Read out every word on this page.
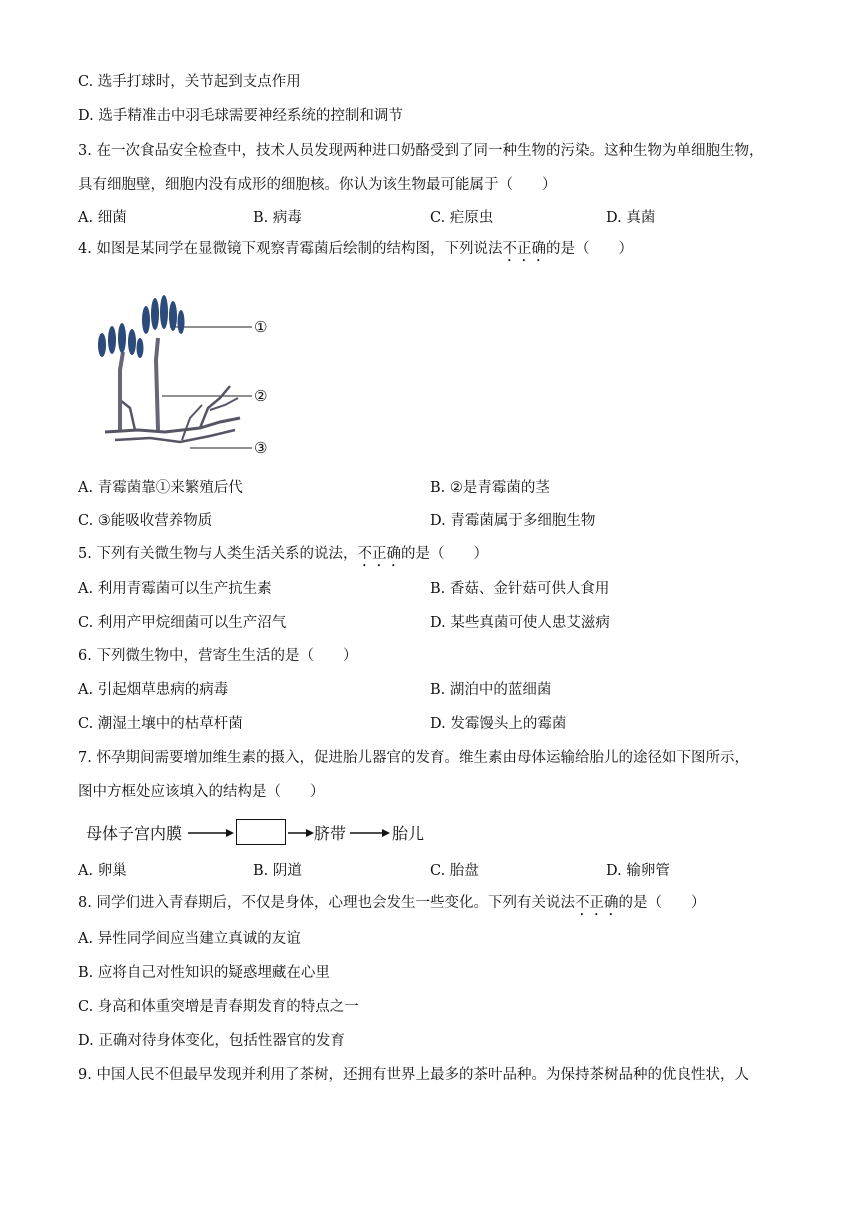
C. 选手打球时，关节起到支点作用
D. 选手精准击中羽毛球需要神经系统的控制和调节
3. 在一次食品安全检查中，技术人员发现两种进口奶酪受到了同一种生物的污染。这种生物为单细胞生物，
具有细胞壁，细胞内没有成形的细胞核。你认为该生物最可能属于（　　）
A. 细菌	B. 病毒	C. 疟原虫	D. 真菌
4. 如图是某同学在显微镜下观察青霉菌后绘制的结构图，下列说法不正确的是（　　）
①
②
③
A. 青霉菌靠①来繁殖后代	B. ②是青霉菌的茎
C. ③能吸收营养物质	D. 青霉菌属于多细胞生物
5. 下列有关微生物与人类生活关系的说法，不正确的是（　　）
A. 利用青霉菌可以生产抗生素	B. 香菇、金针菇可供人食用
C. 利用产甲烷细菌可以生产沼气	D. 某些真菌可使人患艾滋病
6. 下列微生物中，营寄生生活的是（　　）
A. 引起烟草患病的病毒	B. 湖泊中的蓝细菌
C. 潮湿土壤中的枯草杆菌	D. 发霉馒头上的霉菌
7. 怀孕期间需要增加维生素的摄入，促进胎儿器官的发育。维生素由母体运输给胎儿的途径如下图所示，
图中方框处应该填入的结构是（　　）
母体子宫内膜	脐带	胎儿
A. 卵巢	B. 阴道	C. 胎盘	D. 输卵管
8. 同学们进入青春期后，不仅是身体，心理也会发生一些变化。下列有关说法不正确的是（　　）
A. 异性同学间应当建立真诚的友谊
B. 应将自己对性知识的疑惑埋藏在心里
C. 身高和体重突增是青春期发育的特点之一
D. 正确对待身体变化，包括性器官的发育
9. 中国人民不但最早发现并利用了茶树，还拥有世界上最多的茶叶品种。为保持茶树品种的优良性状，人
